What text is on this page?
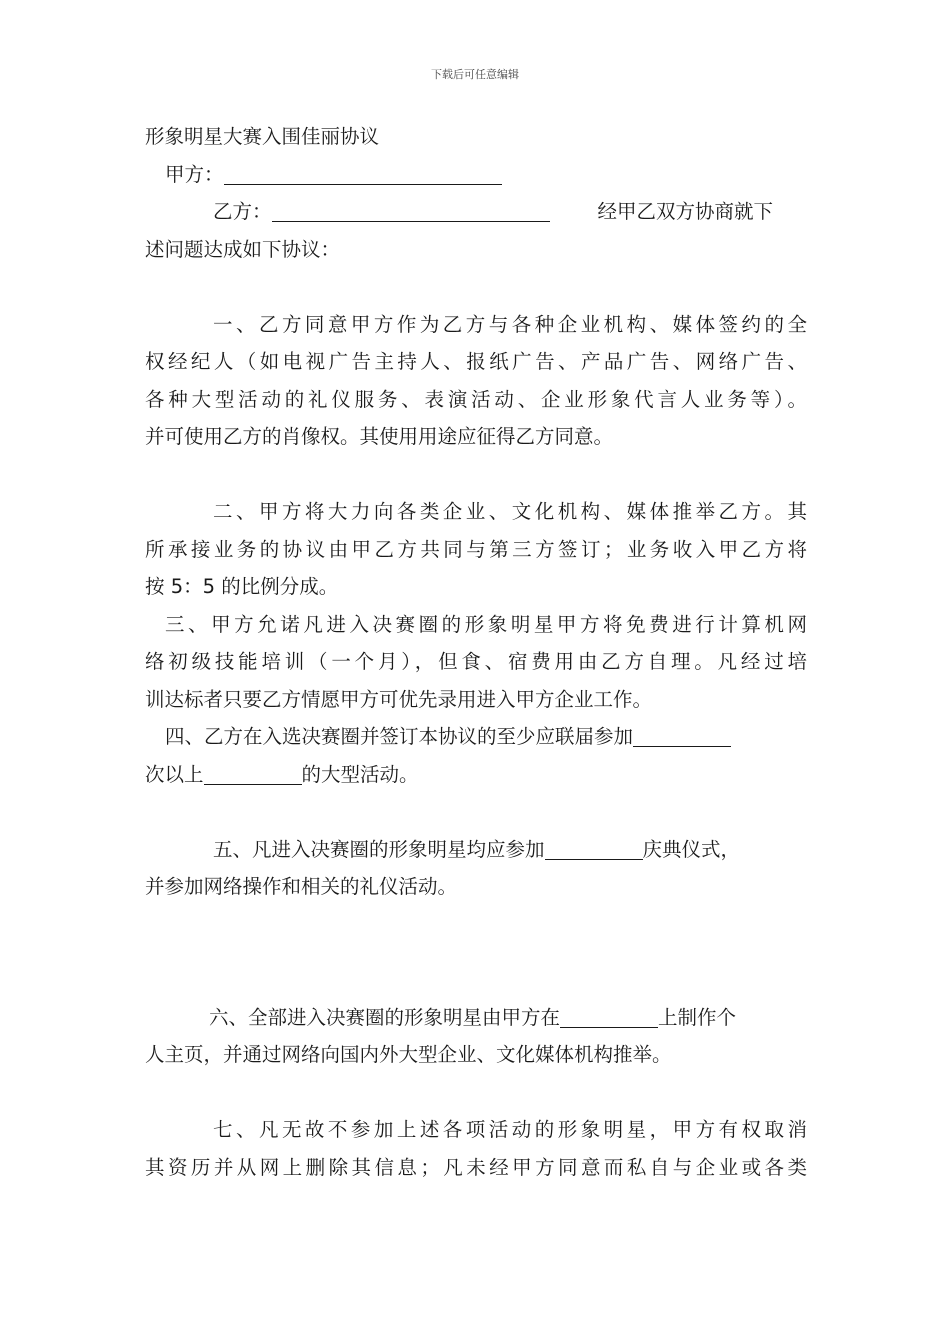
下载后可任意编辑
形象明星大赛入围佳丽协议
甲方：
乙方：	经甲乙双方协商就下
述问题达成如下协议：
一、乙方同意甲方作为乙方与各种企业机构、媒体签约的全
权经纪人（如电视广告主持人、报纸广告、产品广告、网络广告、
各种大型活动的礼仪服务、表演活动、企业形象代言人业务等）。
并可使用乙方的肖像权。其使用用途应征得乙方同意。
二、甲方将大力向各类企业、文化机构、媒体推举乙方。其
所承接业务的协议由甲乙方共同与第三方签订；业务收入甲乙方将
按 5：5 的比例分成。
三、甲方允诺凡进入决赛圈的形象明星甲方将免费进行计算机网
络初级技能培训（一个月），但食、宿费用由乙方自理。凡经过培
训达标者只要乙方情愿甲方可优先录用进入甲方企业工作。
四、乙方在入选决赛圈并签订本协议的至少应联届参加
次以上	的大型活动。
五、凡进入决赛圈的形象明星均应参加	庆典仪式，
并参加网络操作和相关的礼仪活动。
六、全部进入决赛圈的形象明星由甲方在	上制作个
人主页，并通过网络向国内外大型企业、文化媒体机构推举。
七、凡无故不参加上述各项活动的形象明星，甲方有权取消
其资历并从网上删除其信息；凡未经甲方同意而私自与企业或各类
